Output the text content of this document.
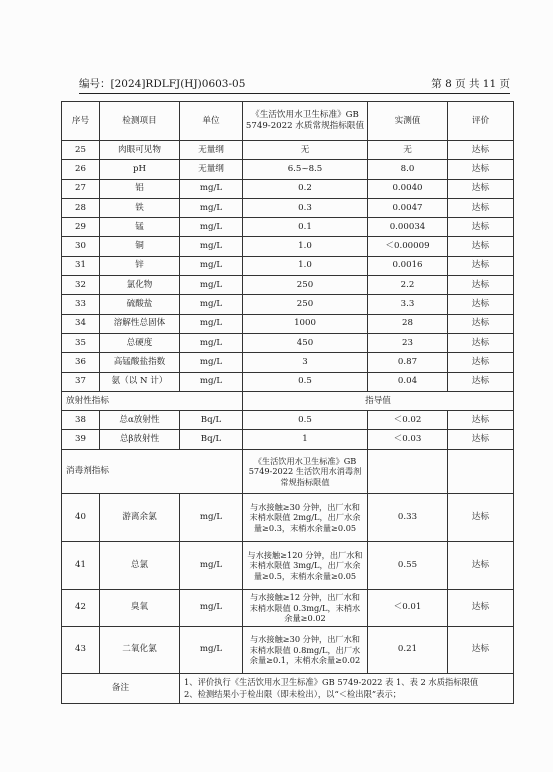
编号：[2024]RDLFJ(HJ)0603-05	第 8 页 共 11 页
序号	检测项目	单位	《生活饮用水卫生标准》GB 5749-2022 水质常规指标限值	实测值	评价
25	肉眼可见物	无量纲	无	无	达标
26	pH	无量纲	6.5~8.5	8.0	达标
27	铝	mg/L	0.2	0.0040	达标
28	铁	mg/L	0.3	0.0047	达标
29	锰	mg/L	0.1	0.00034	达标
30	铜	mg/L	1.0	＜0.00009	达标
31	锌	mg/L	1.0	0.0016	达标
32	氯化物	mg/L	250	2.2	达标
33	硫酸盐	mg/L	250	3.3	达标
34	溶解性总固体	mg/L	1000	28	达标
35	总硬度	mg/L	450	23	达标
36	高锰酸盐指数	mg/L	3	0.87	达标
37	氨（以 N 计）	mg/L	0.5	0.04	达标
放射性指标			指导值		
38	总α放射性	Bq/L	0.5	＜0.02	达标
39	总β放射性	Bq/L	1	＜0.03	达标
消毒剂指标			《生活饮用水卫生标准》GB 5749-2022 生活饮用水消毒剂常规指标限值		
40	游离余氯	mg/L	与水接触≥30 分钟，出厂水和末梢水限值 2mg/L，出厂水余量≥0.3，末梢水余量≥0.05	0.33	达标
41	总氯	mg/L	与水接触≥120 分钟，出厂水和末梢水限值 3mg/L，出厂水余量≥0.5，末梢水余量≥0.05	0.55	达标
42	臭氧	mg/L	与水接触≥12 分钟，出厂水和末梢水限值 0.3mg/L，末梢水余量≥0.02	＜0.01	达标
43	二氧化氯	mg/L	与水接触≥30 分钟，出厂水和末梢水限值 0.8mg/L，出厂水余量≥0.1，末梢水余量≥0.02	0.21	达标
备注		1、评价执行《生活饮用水卫生标准》GB 5749-2022 表 1、表 2 水质指标限值
2、检测结果小于检出限（即未检出），以“＜检出限”表示；			
